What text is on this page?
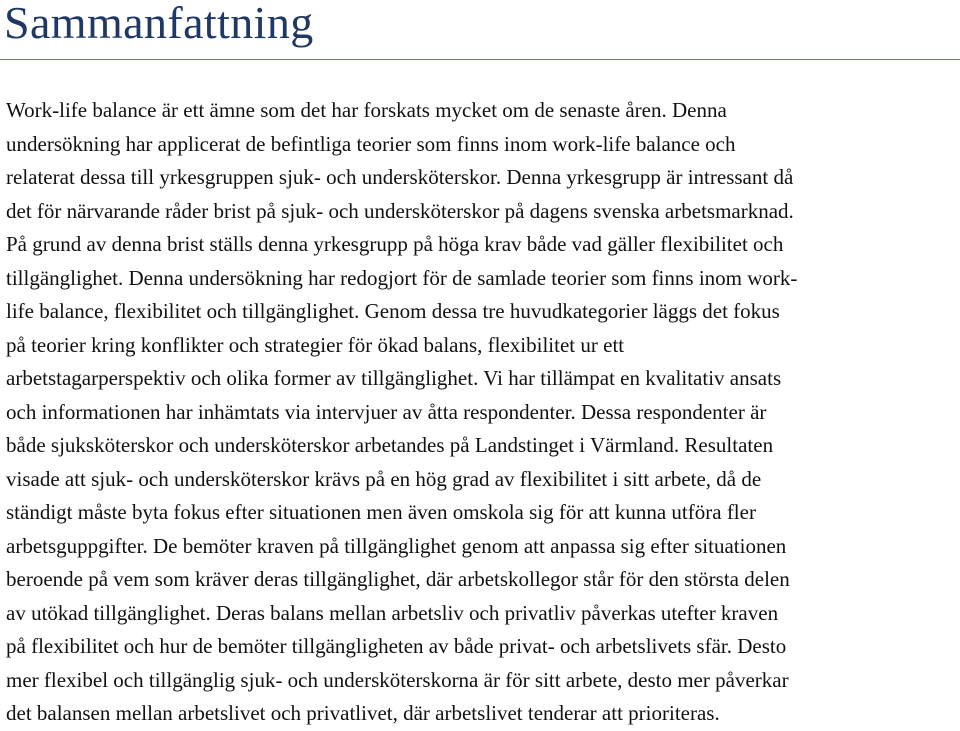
Sammanfattning
Work-life balance är ett ämne som det har forskats mycket om de senaste åren. Denna
undersökning har applicerat de befintliga teorier som finns inom work-life balance och
relaterat dessa till yrkesgruppen sjuk- och undersköterskor. Denna yrkesgrupp är intressant då
det för närvarande råder brist på sjuk- och undersköterskor på dagens svenska arbetsmarknad.
På grund av denna brist ställs denna yrkesgrupp på höga krav både vad gäller flexibilitet och
tillgänglighet. Denna undersökning har redogjort för de samlade teorier som finns inom work-
life balance, flexibilitet och tillgänglighet. Genom dessa tre huvudkategorier läggs det fokus
på teorier kring konflikter och strategier för ökad balans, flexibilitet ur ett
arbetstagarperspektiv och olika former av tillgänglighet. Vi har tillämpat en kvalitativ ansats
och informationen har inhämtats via intervjuer av åtta respondenter. Dessa respondenter är
både sjuksköterskor och undersköterskor arbetandes på Landstinget i Värmland. Resultaten
visade att sjuk- och undersköterskor krävs på en hög grad av flexibilitet i sitt arbete, då de
ständigt måste byta fokus efter situationen men även omskola sig för att kunna utföra fler
arbetsguppgifter. De bemöter kraven på tillgänglighet genom att anpassa sig efter situationen
beroende på vem som kräver deras tillgänglighet, där arbetskollegor står för den största delen
av utökad tillgänglighet. Deras balans mellan arbetsliv och privatliv påverkas utefter kraven
på flexibilitet och hur de bemöter tillgängligheten av både privat- och arbetslivets sfär. Desto
mer flexibel och tillgänglig sjuk- och undersköterskorna är för sitt arbete, desto mer påverkar
det balansen mellan arbetslivet och privatlivet, där arbetslivet tenderar att prioriteras.
